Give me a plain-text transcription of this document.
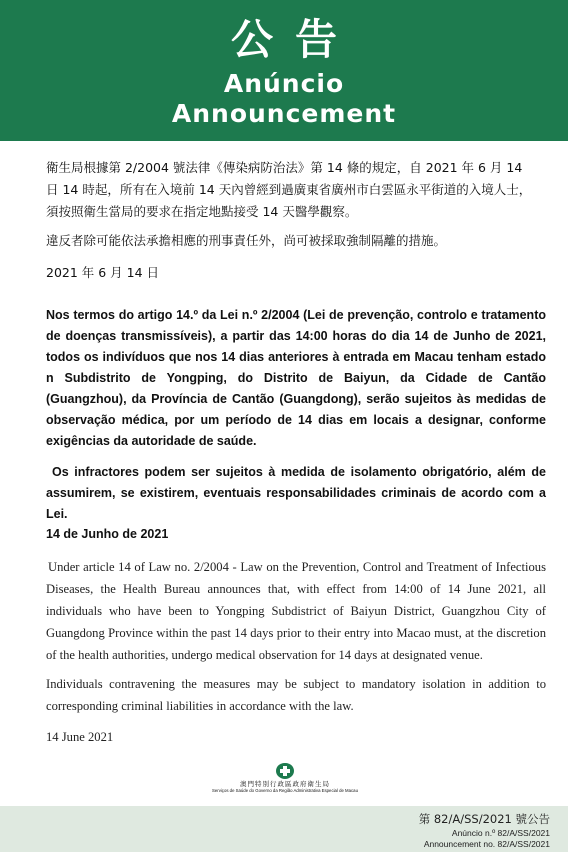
公告
Anúncio
Announcement

衛生局根據第 2/2004 號法律《傳染病防治法》第 14 條的規定，自 2021 年 6 月 14 日 14 時起，所有在入境前 14 天內曾經到過廣東省廣州市白雲區永平街道的入境人士，須按照衛生當局的要求在指定地點接受 14 天醫學觀察。

違反者除可能依法承擔相應的刑事責任外，尚可被採取強制隔離的措施。

2021 年 6 月 14 日

Nos termos do artigo 14.º da Lei n.º 2/2004 (Lei de prevenção, controlo e tratamento de doenças transmissíveis), a partir das 14:00 horas do dia 14 de Junho de 2021, todos os indivíduos que nos 14 dias anteriores à entrada em Macau tenham estado n Subdistrito de Yongping, do Distrito de Baiyun, da Cidade de Cantão (Guangzhou), da Província de Cantão (Guangdong), serão sujeitos às medidas de observação médica, por um período de 14 dias em locais a designar, conforme exigências da autoridade de saúde.

Os infractores podem ser sujeitos à medida de isolamento obrigatório, além de assumirem, se existirem, eventuais responsabilidades criminais de acordo com a Lei.

14 de Junho de 2021

Under article 14 of Law no. 2/2004 - Law on the Prevention, Control and Treatment of Infectious Diseases, the Health Bureau announces that, with effect from 14:00 of 14 June 2021, all individuals who have been to Yongping Subdistrict of Baiyun District, Guangzhou City of Guangdong Province within the past 14 days prior to their entry into Macao must, at the discretion of the health authorities, undergo medical observation for 14 days at designated venue.

Individuals contravening the measures may be subject to mandatory isolation in addition to corresponding criminal liabilities in accordance with the law.

14 June 2021

澳門特別行政區政府衛生局
Serviços de Saúde do Governo da Região Administrativa Especial de Macau
第 82/A/SS/2021 號公告
Anúncio n.º 82/A/SS/2021
Announcement no. 82/A/SS/2021
